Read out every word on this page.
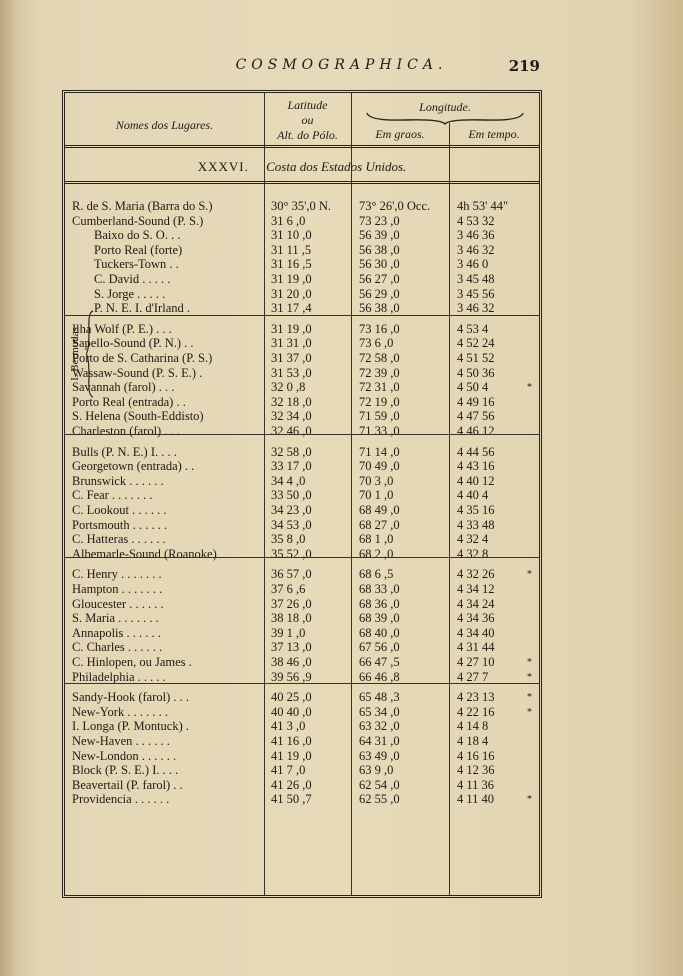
COSMOGRAPHICA.	219
Nomes dos Lugares.
Latitude
ou
Alt. do Pólo.
Longitude.
Em graos.	Em tempo.
XXXVI. Costa dos Estados Unidos.
I. Bermudas
R. de S. Maria (Barra do S.)	30° 35',0 N.	73° 26',0 Occ.	4h 53' 44"
Cumberland-Sound (P. S.)	31 6 ,0	73 23 ,0	4 53 32
Baixo do S. O. . .	31 10 ,0	56 39 ,0	3 46 36
Porto Real (forte)	31 11 ,5	56 38 ,0	3 46 32
Tuckers-Town . .	31 16 ,5	56 30 ,0	3 46 0
C. David . . . . .	31 19 ,0	56 27 ,0	3 45 48
S. Jorge . . . . .	31 20 ,0	56 29 ,0	3 45 56
P. N. E. I. d'Irland .	31 17 ,4	56 38 ,0	3 46 32
Ilha Wolf (P. E.) . . .	31 19 ,0	73 16 ,0	4 53 4
Sapello-Sound (P. N.) . .	31 31 ,0	73 6 ,0	4 52 24
Porto de S. Catharina (P. S.)	31 37 ,0	72 58 ,0	4 51 52
Wassaw-Sound (P. S. E.) .	31 53 ,0	72 39 ,0	4 50 36
Savannah (farol) . . .	32 0 ,8	72 31 ,0	4 50 4	*
Porto Real (entrada) . .	32 18 ,0	72 19 ,0	4 49 16
S. Helena (South-Eddisto)	32 34 ,0	71 59 ,0	4 47 56
Charleston (farol) . . .	32 46 ,0	71 33 ,0	4 46 12
Bulls (P. N. E.) I. . . .	32 58 ,0	71 14 ,0	4 44 56
Georgetown (entrada) . .	33 17 ,0	70 49 ,0	4 43 16
Brunswick . . . . . .	34 4 ,0	70 3 ,0	4 40 12
C. Fear . . . . . . .	33 50 ,0	70 1 ,0	4 40 4
C. Lookout . . . . . .	34 23 ,0	68 49 ,0	4 35 16
Portsmouth . . . . . .	34 53 ,0	68 27 ,0	4 33 48
C. Hatteras . . . . . .	35 8 ,0	68 1 ,0	4 32 4
Albemarle-Sound (Roanoke)	35 52 ,0	68 2 ,0	4 32 8
C. Henry . . . . . . .	36 57 ,0	68 6 ,5	4 32 26	*
Hampton . . . . . . .	37 6 ,6	68 33 ,0	4 34 12
Gloucester . . . . . .	37 26 ,0	68 36 ,0	4 34 24
S. Maria . . . . . . .	38 18 ,0	68 39 ,0	4 34 36
Annapolis . . . . . .	39 1 ,0	68 40 ,0	4 34 40
C. Charles . . . . . .	37 13 ,0	67 56 ,0	4 31 44
C. Hinlopen, ou James .	38 46 ,0	66 47 ,5	4 27 10	*
Philadelphia . . . . .	39 56 ,9	66 46 ,8	4 27 7	*
Sandy-Hook (farol) . . .	40 25 ,0	65 48 ,3	4 23 13	*
New-York . . . . . . .	40 40 ,0	65 34 ,0	4 22 16	*
I. Longa (P. Montuck) .	41 3 ,0	63 32 ,0	4 14 8
New-Haven . . . . . .	41 16 ,0	64 31 ,0	4 18 4
New-London . . . . . .	41 19 ,0	63 49 ,0	4 16 16
Block (P. S. E.) I. . . .	41 7 ,0	63 9 ,0	4 12 36
Beavertail (P. farol) . .	41 26 ,0	62 54 ,0	4 11 36
Providencia . . . . . .	41 50 ,7	62 55 ,0	4 11 40	*
